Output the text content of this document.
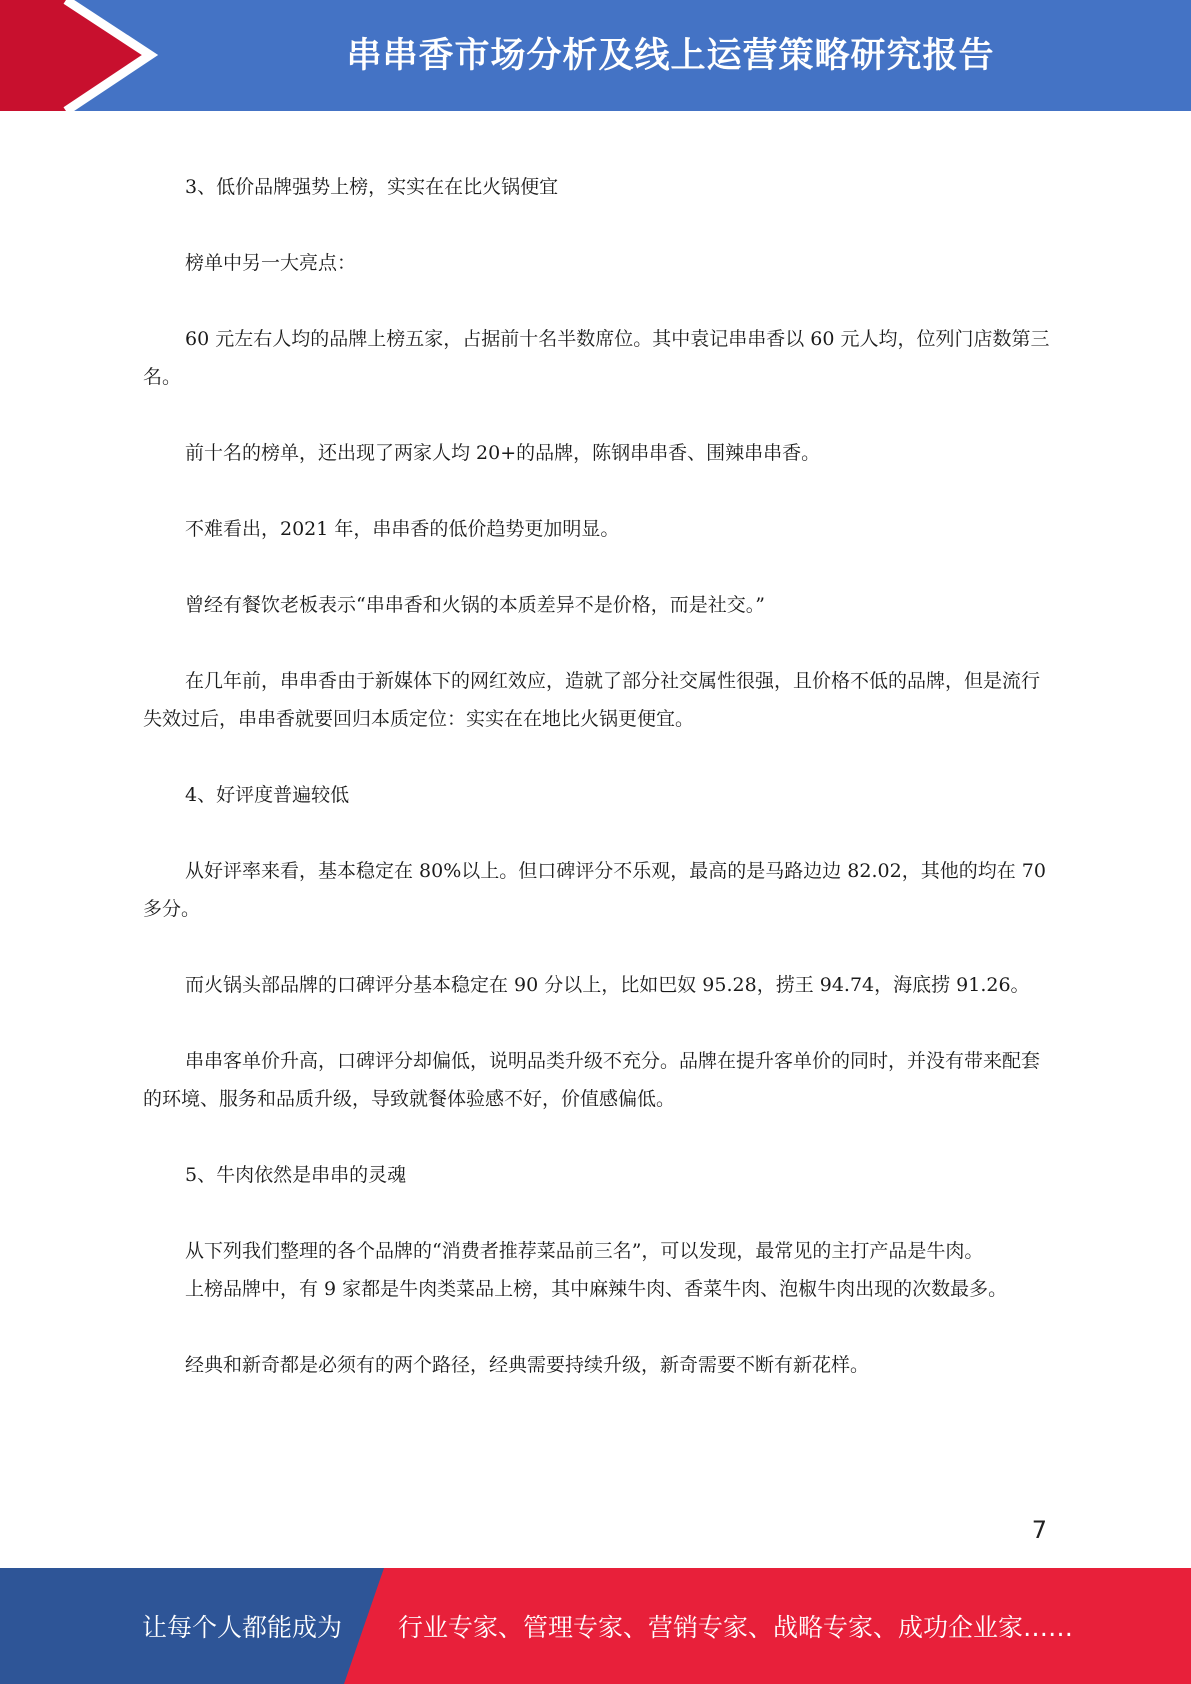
串串香市场分析及线上运营策略研究报告

3、低价品牌强势上榜，实实在在比火锅便宜

榜单中另一大亮点：

60 元左右人均的品牌上榜五家，占据前十名半数席位。其中袁记串串香以 60 元人均，位列门店数第三名。

前十名的榜单，还出现了两家人均 20+的品牌，陈钢串串香、围辣串串香。

不难看出，2021 年，串串香的低价趋势更加明显。

曾经有餐饮老板表示“串串香和火锅的本质差异不是价格，而是社交。”

在几年前，串串香由于新媒体下的网红效应，造就了部分社交属性很强，且价格不低的品牌，但是流行失效过后，串串香就要回归本质定位：实实在在地比火锅更便宜。

4、好评度普遍较低

从好评率来看，基本稳定在 80%以上。但口碑评分不乐观，最高的是马路边边 82.02，其他的均在 70 多分。

而火锅头部品牌的口碑评分基本稳定在 90 分以上，比如巴奴 95.28，捞王 94.74，海底捞 91.26。

串串客单价升高，口碑评分却偏低，说明品类升级不充分。品牌在提升客单价的同时，并没有带来配套的环境、服务和品质升级，导致就餐体验感不好，价值感偏低。

5、牛肉依然是串串的灵魂

从下列我们整理的各个品牌的“消费者推荐菜品前三名”，可以发现，最常见的主打产品是牛肉。

上榜品牌中，有 9 家都是牛肉类菜品上榜，其中麻辣牛肉、香菜牛肉、泡椒牛肉出现的次数最多。

经典和新奇都是必须有的两个路径，经典需要持续升级，新奇需要不断有新花样。

7
让每个人都能成为 行业专家、管理专家、营销专家、战略专家、成功企业家……
